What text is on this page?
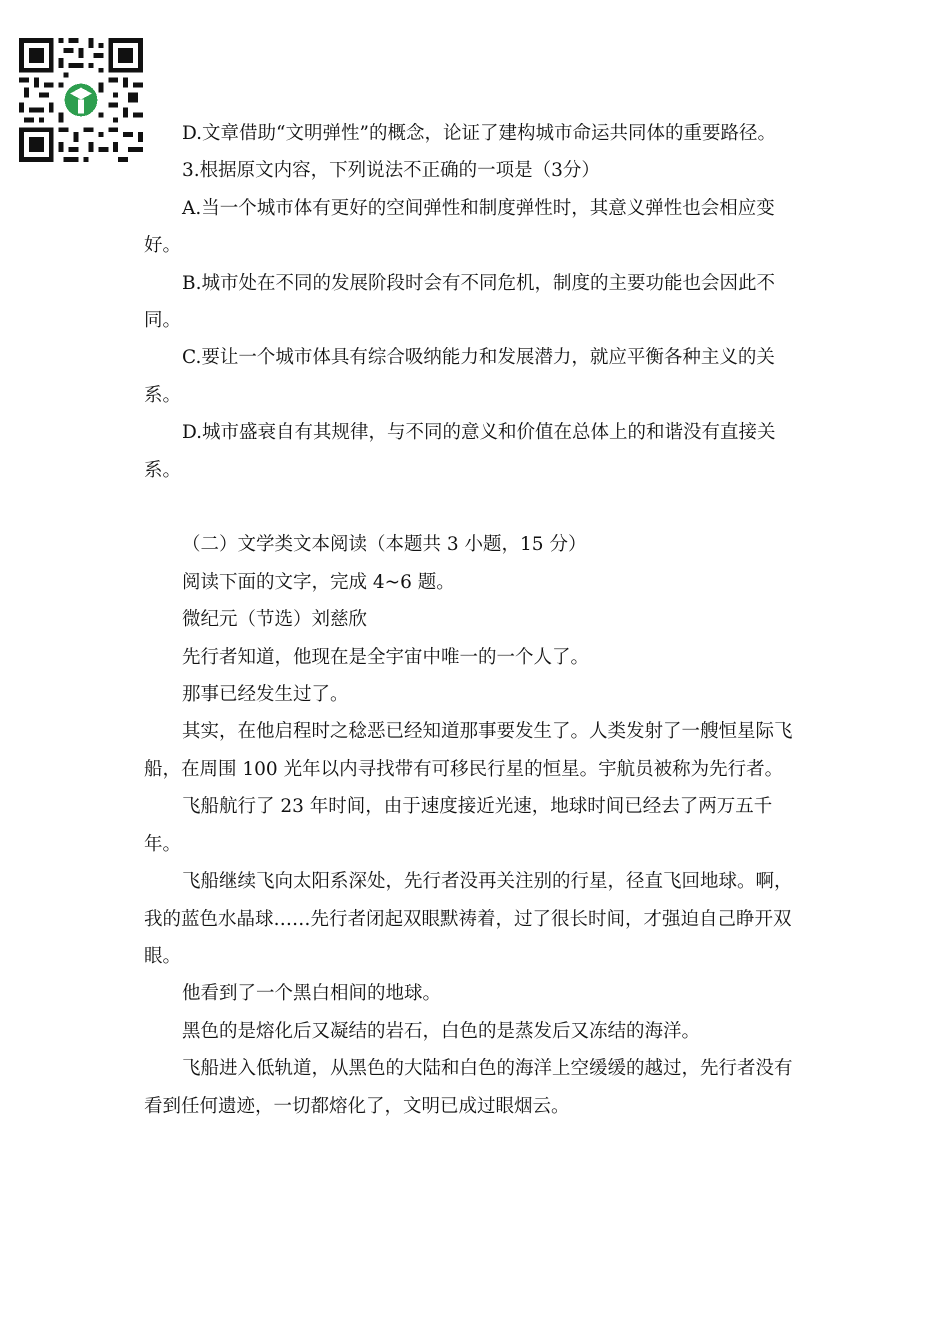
D.文章借助“文明弹性”的概念，论证了建构城市命运共同体的重要路径。

3.根据原文内容，下列说法不正确的一项是（3分）

A.当一个城市体有更好的空间弹性和制度弹性时，其意义弹性也会相应变好。

B.城市处在不同的发展阶段时会有不同危机，制度的主要功能也会因此不同。

C.要让一个城市体具有综合吸纳能力和发展潜力，就应平衡各种主义的关系。

D.城市盛衰自有其规律，与不同的意义和价值在总体上的和谐没有直接关系。

（二）文学类文本阅读（本题共 3 小题，15 分）

阅读下面的文字，完成 4~6 题。

微纪元（节选）刘慈欣

先行者知道，他现在是全宇宙中唯一的一个人了。

那事已经发生过了。

其实，在他启程时之稔恶已经知道那事要发生了。人类发射了一艘恒星际飞船，在周围 100 光年以内寻找带有可移民行星的恒星。宇航员被称为先行者。

飞船航行了 23 年时间，由于速度接近光速，地球时间已经去了两万五千年。

飞船继续飞向太阳系深处，先行者没再关注别的行星，径直飞回地球。啊，我的蓝色水晶球……先行者闭起双眼默祷着，过了很长时间，才强迫自己睁开双眼。

他看到了一个黑白相间的地球。

黑色的是熔化后又凝结的岩石，白色的是蒸发后又冻结的海洋。

飞船进入低轨道，从黑色的大陆和白色的海洋上空缓缓的越过，先行者没有看到任何遗迹，一切都熔化了，文明已成过眼烟云。
